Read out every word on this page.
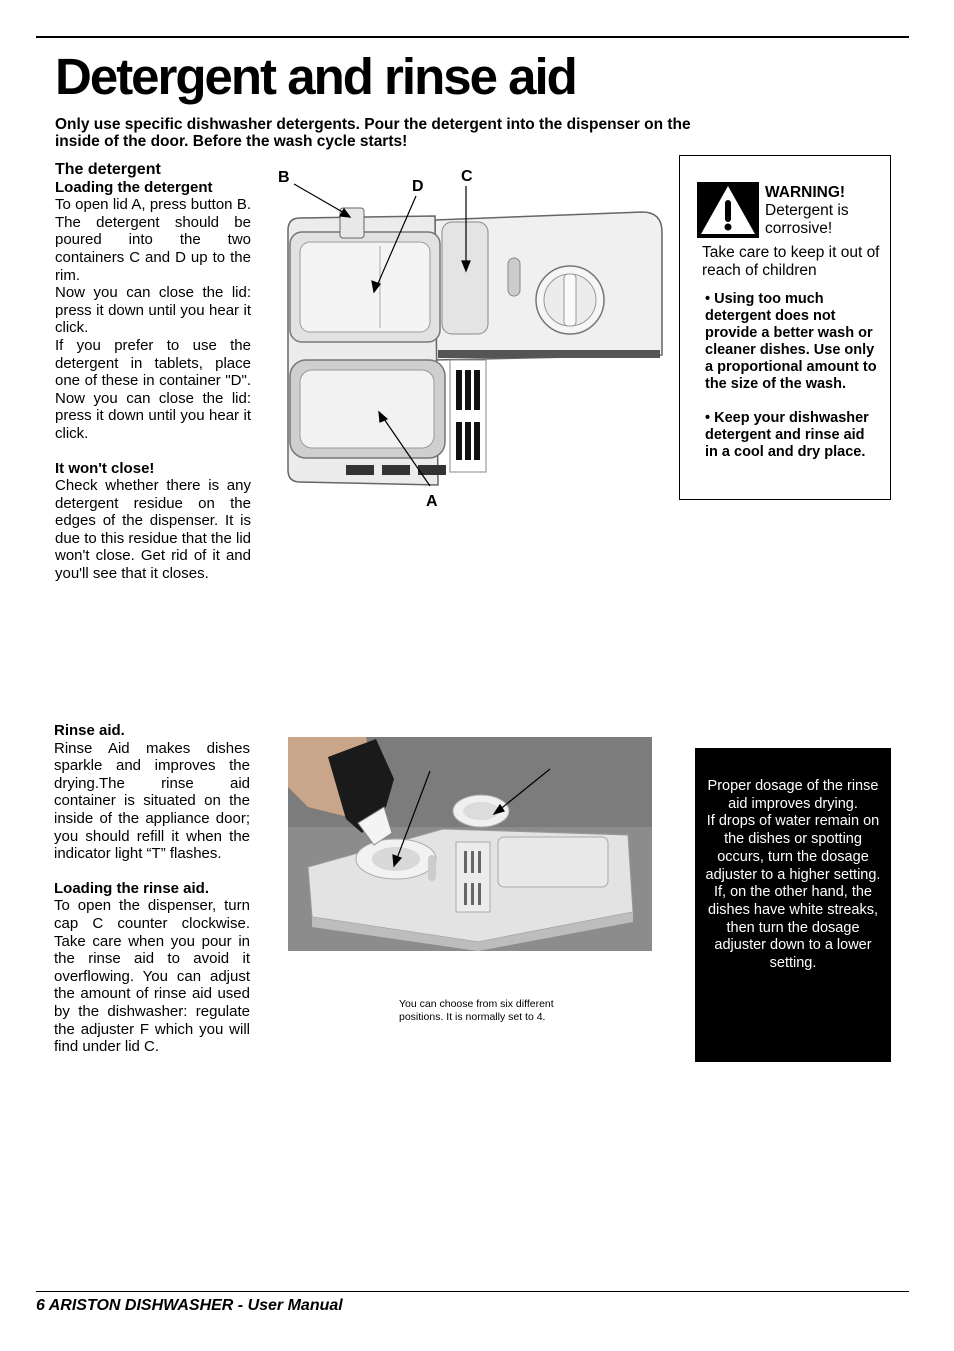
Detergent and rinse aid

Only use specific dishwasher detergents. Pour the detergent into the dispenser on the inside of the door. Before the wash cycle starts!

The detergent
Loading the detergent
To open lid A, press button B. The detergent should be poured into the two containers C and D up to the rim.
Now you can close the lid: press it down until you hear it click.
If you prefer to use the detergent in tablets, place one of these in container "D". Now you can close the lid: press it down until you hear it click.
It won't close!
Check whether there is any detergent residue on the edges of the dispenser. It is due to this residue that the lid won't close. Get rid of it and you'll see that it closes.
B
D
C
A

WARNING!
Detergent is
corrosive!

Take care to keep it out of reach of children

• Using too much detergent does not provide a better wash or cleaner dishes. Use only a proportional amount to the size of the wash.
• Keep your dishwasher detergent and rinse aid in a cool and dry place.
Rinse aid.
Rinse Aid makes dishes sparkle and improves the drying.The rinse aid container is situated on the inside of the appliance door; you should refill it when the indicator light “T” flashes.
Loading the rinse aid.
To open the dispenser, turn cap C counter clockwise. Take care when you pour in the rinse aid to avoid it overflowing. You can adjust the amount of rinse aid used by the dishwasher: regulate the adjuster F which you will find under lid C.

You can choose from six different positions. It is normally set to 4.

Proper dosage of the rinse aid improves drying.
If drops of water remain on the dishes or spotting occurs, turn the dosage adjuster to a higher setting.
If, on the other hand, the dishes have white streaks, then turn the dosage adjuster down to a lower setting.

6 ARISTON DISHWASHER - User Manual
